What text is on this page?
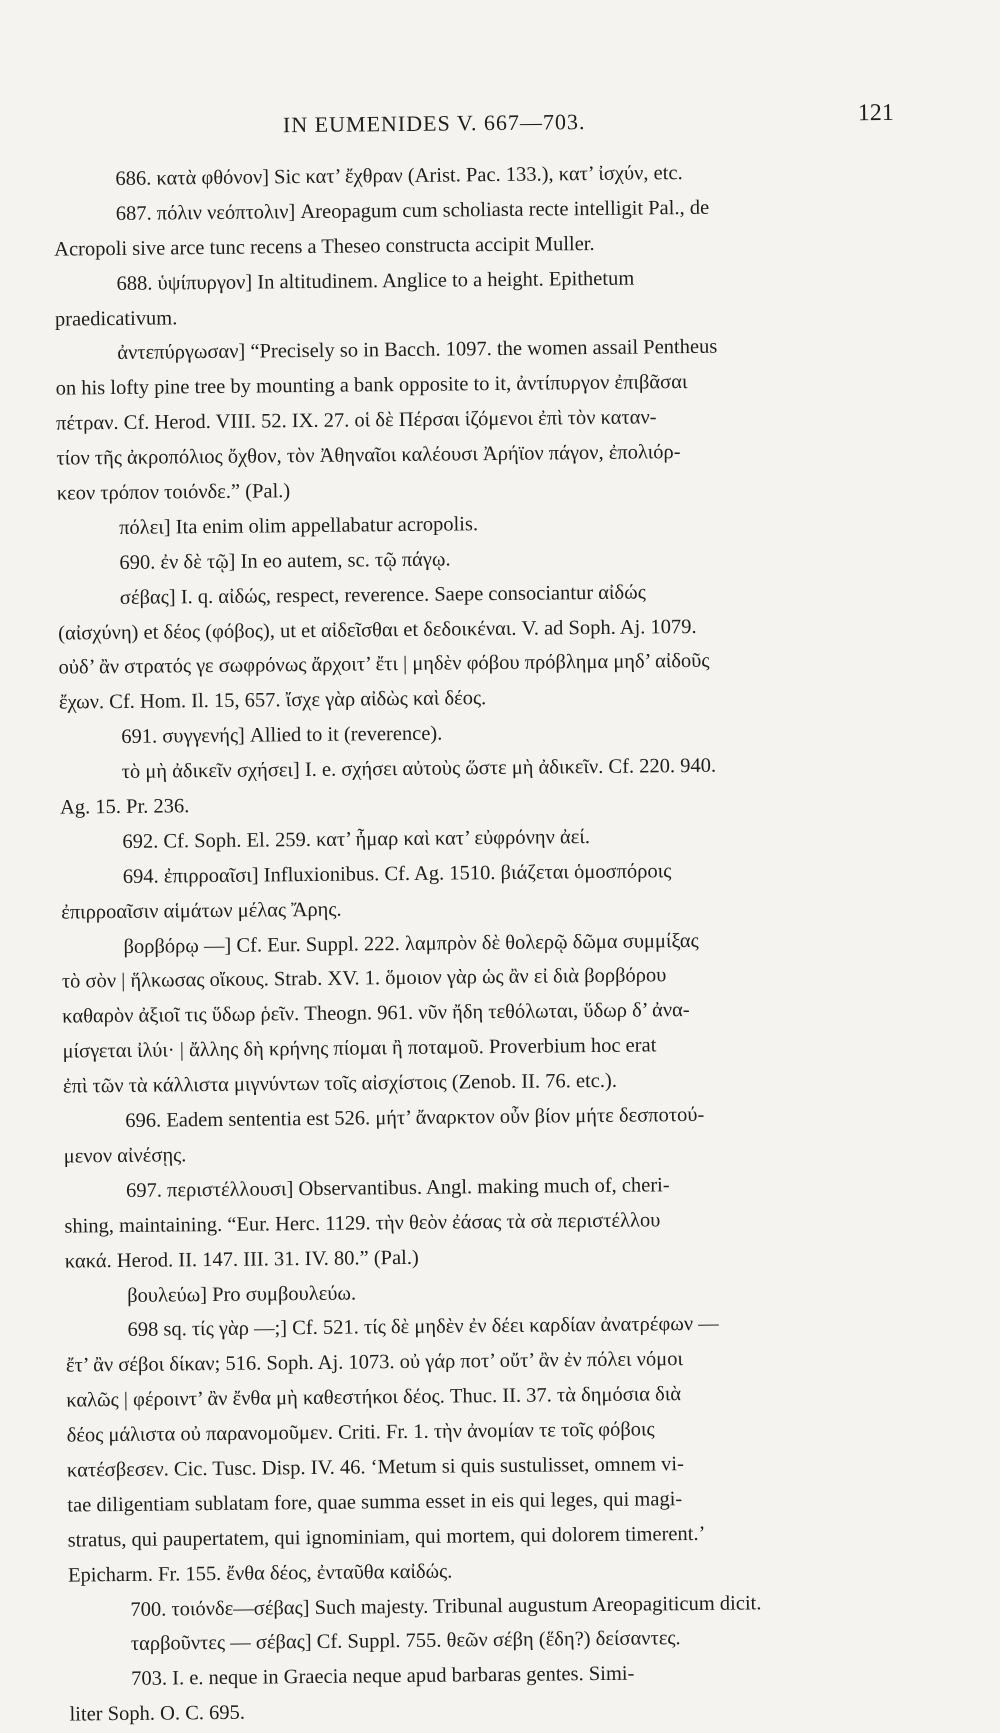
IN EUMENIDES V. 667—703.	121
686. κατὰ φθόνον] Sic κατ’ ἔχθραν (Arist. Pac. 133.), κατ’ ἰσχύν, etc.
687. πόλιν νεόπτολιν] Areopagum cum scholiasta recte intelligit Pal., de
Acropoli sive arce tunc recens a Theseo constructa accipit Muller.
688. ὑψίπυργον] In altitudinem. Anglice to a height. Epithetum
praedicativum.
ἀντεπύργωσαν] “Precisely so in Bacch. 1097. the women assail Pentheus
on his lofty pine tree by mounting a bank opposite to it, ἀντίπυργον ἐπιβᾶσαι
πέτραν. Cf. Herod. VIII. 52. IX. 27. οἱ δὲ Πέρσαι ἱζόμενοι ἐπὶ τὸν καταν-
τίον τῆς ἀκροπόλιος ὄχθον, τὸν Ἀθηναῖοι καλέουσι Ἀρήϊον πάγον, ἐπολιόρ-
κεον τρόπον τοιόνδε.” (Pal.)
πόλει] Ita enim olim appellabatur acropolis.
690. ἐν δὲ τῷ] In eo autem, sc. τῷ πάγῳ.
σέβας] I. q. αἰδώς, respect, reverence. Saepe consociantur αἰδώς
(αἰσχύνη) et δέος (φόβος), ut et αἰδεῖσθαι et δεδοικέναι. V. ad Soph. Aj. 1079.
οὐδ’ ἂν στρατός γε σωφρόνως ἄρχοιτ’ ἔτι | μηδὲν φόβου πρόβλημα μηδ’ αἰδοῦς
ἔχων. Cf. Hom. Il. 15, 657. ἴσχε γὰρ αἰδὼς καὶ δέος.
691. συγγενής] Allied to it (reverence).
τὸ μὴ ἀδικεῖν σχήσει] I. e. σχήσει αὐτοὺς ὥστε μὴ ἀδικεῖν. Cf. 220. 940.
Ag. 15. Pr. 236.
692. Cf. Soph. El. 259. κατ’ ἦμαρ καὶ κατ’ εὐφρόνην ἀεί.
694. ἐπιρροαῖσι] Influxionibus. Cf. Ag. 1510. βιάζεται ὁμοσπόροις
ἐπιρροαῖσιν αἱμάτων μέλας Ἄρης.
βορβόρῳ —] Cf. Eur. Suppl. 222. λαμπρὸν δὲ θολερῷ δῶμα συμμίξας
τὸ σὸν | ἥλκωσας οἴκους. Strab. XV. 1. ὅμοιον γὰρ ὡς ἂν εἰ διὰ βορβόρου
καθαρὸν ἀξιοῖ τις ὕδωρ ῥεῖν. Theogn. 961. νῦν ἤδη τεθόλωται, ὕδωρ δ’ ἀνα-
μίσγεται ἰλύι· | ἄλλης δὴ κρήνης πίομαι ἢ ποταμοῦ. Proverbium hoc erat
ἐπὶ τῶν τὰ κάλλιστα μιγνύντων τοῖς αἰσχίστοις (Zenob. II. 76. etc.).
696. Eadem sententia est 526. μήτ’ ἄναρκτον οὖν βίον μήτε δεσποτού-
μενον αἰνέσῃς.
697. περιστέλλουσι] Observantibus. Angl. making much of, cheri-
shing, maintaining. “Eur. Herc. 1129. τὴν θεὸν ἐάσας τὰ σὰ περιστέλλου
κακά. Herod. II. 147. III. 31. IV. 80.” (Pal.)
βουλεύω] Pro συμβουλεύω.
698 sq. τίς γὰρ —;] Cf. 521. τίς δὲ μηδὲν ἐν δέει καρδίαν ἀνατρέφων —
ἔτ’ ἂν σέβοι δίκαν; 516. Soph. Aj. 1073. οὐ γάρ ποτ’ οὔτ’ ἂν ἐν πόλει νόμοι
καλῶς | φέροιντ’ ἂν ἔνθα μὴ καθεστήκοι δέος. Thuc. II. 37. τὰ δημόσια διὰ
δέος μάλιστα οὐ παρανομοῦμεν. Criti. Fr. 1. τὴν ἀνομίαν τε τοῖς φόβοις
κατέσβεσεν. Cic. Tusc. Disp. IV. 46. ‘Metum si quis sustulisset, omnem vi-
tae diligentiam sublatam fore, quae summa esset in eis qui leges, qui magi-
stratus, qui paupertatem, qui ignominiam, qui mortem, qui dolorem timerent.’
Epicharm. Fr. 155. ἔνθα δέος, ἐνταῦθα καἰδώς.
700. τοιόνδε—σέβας] Such majesty. Tribunal augustum Areopagiticum dicit.
ταρβοῦντες — σέβας] Cf. Suppl. 755. θεῶν σέβη (ἕδη?) δείσαντες.
703. I. e. neque in Graecia neque apud barbaras gentes. Simi-
liter Soph. O. C. 695.
